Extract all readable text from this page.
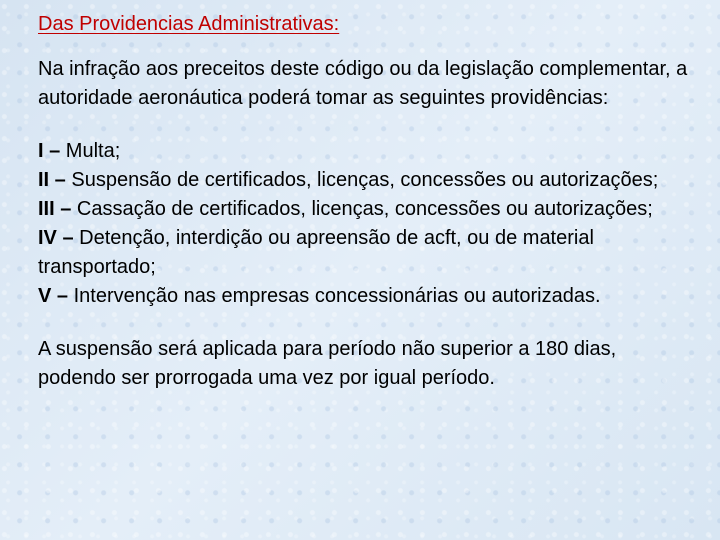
Das Providencias Administrativas:

Na infração aos preceitos deste código ou da legislação complementar, a autoridade aeronáutica poderá tomar as seguintes providências:

I – Multa;

II – Suspensão de certificados, licenças, concessões ou autorizações;

III – Cassação de certificados, licenças, concessões ou autorizações;

IV – Detenção, interdição ou apreensão de acft, ou de material transportado;

V – Intervenção nas empresas concessionárias ou autorizadas.

A suspensão será aplicada para período não superior a 180 dias, podendo ser prorrogada uma vez por igual período.
